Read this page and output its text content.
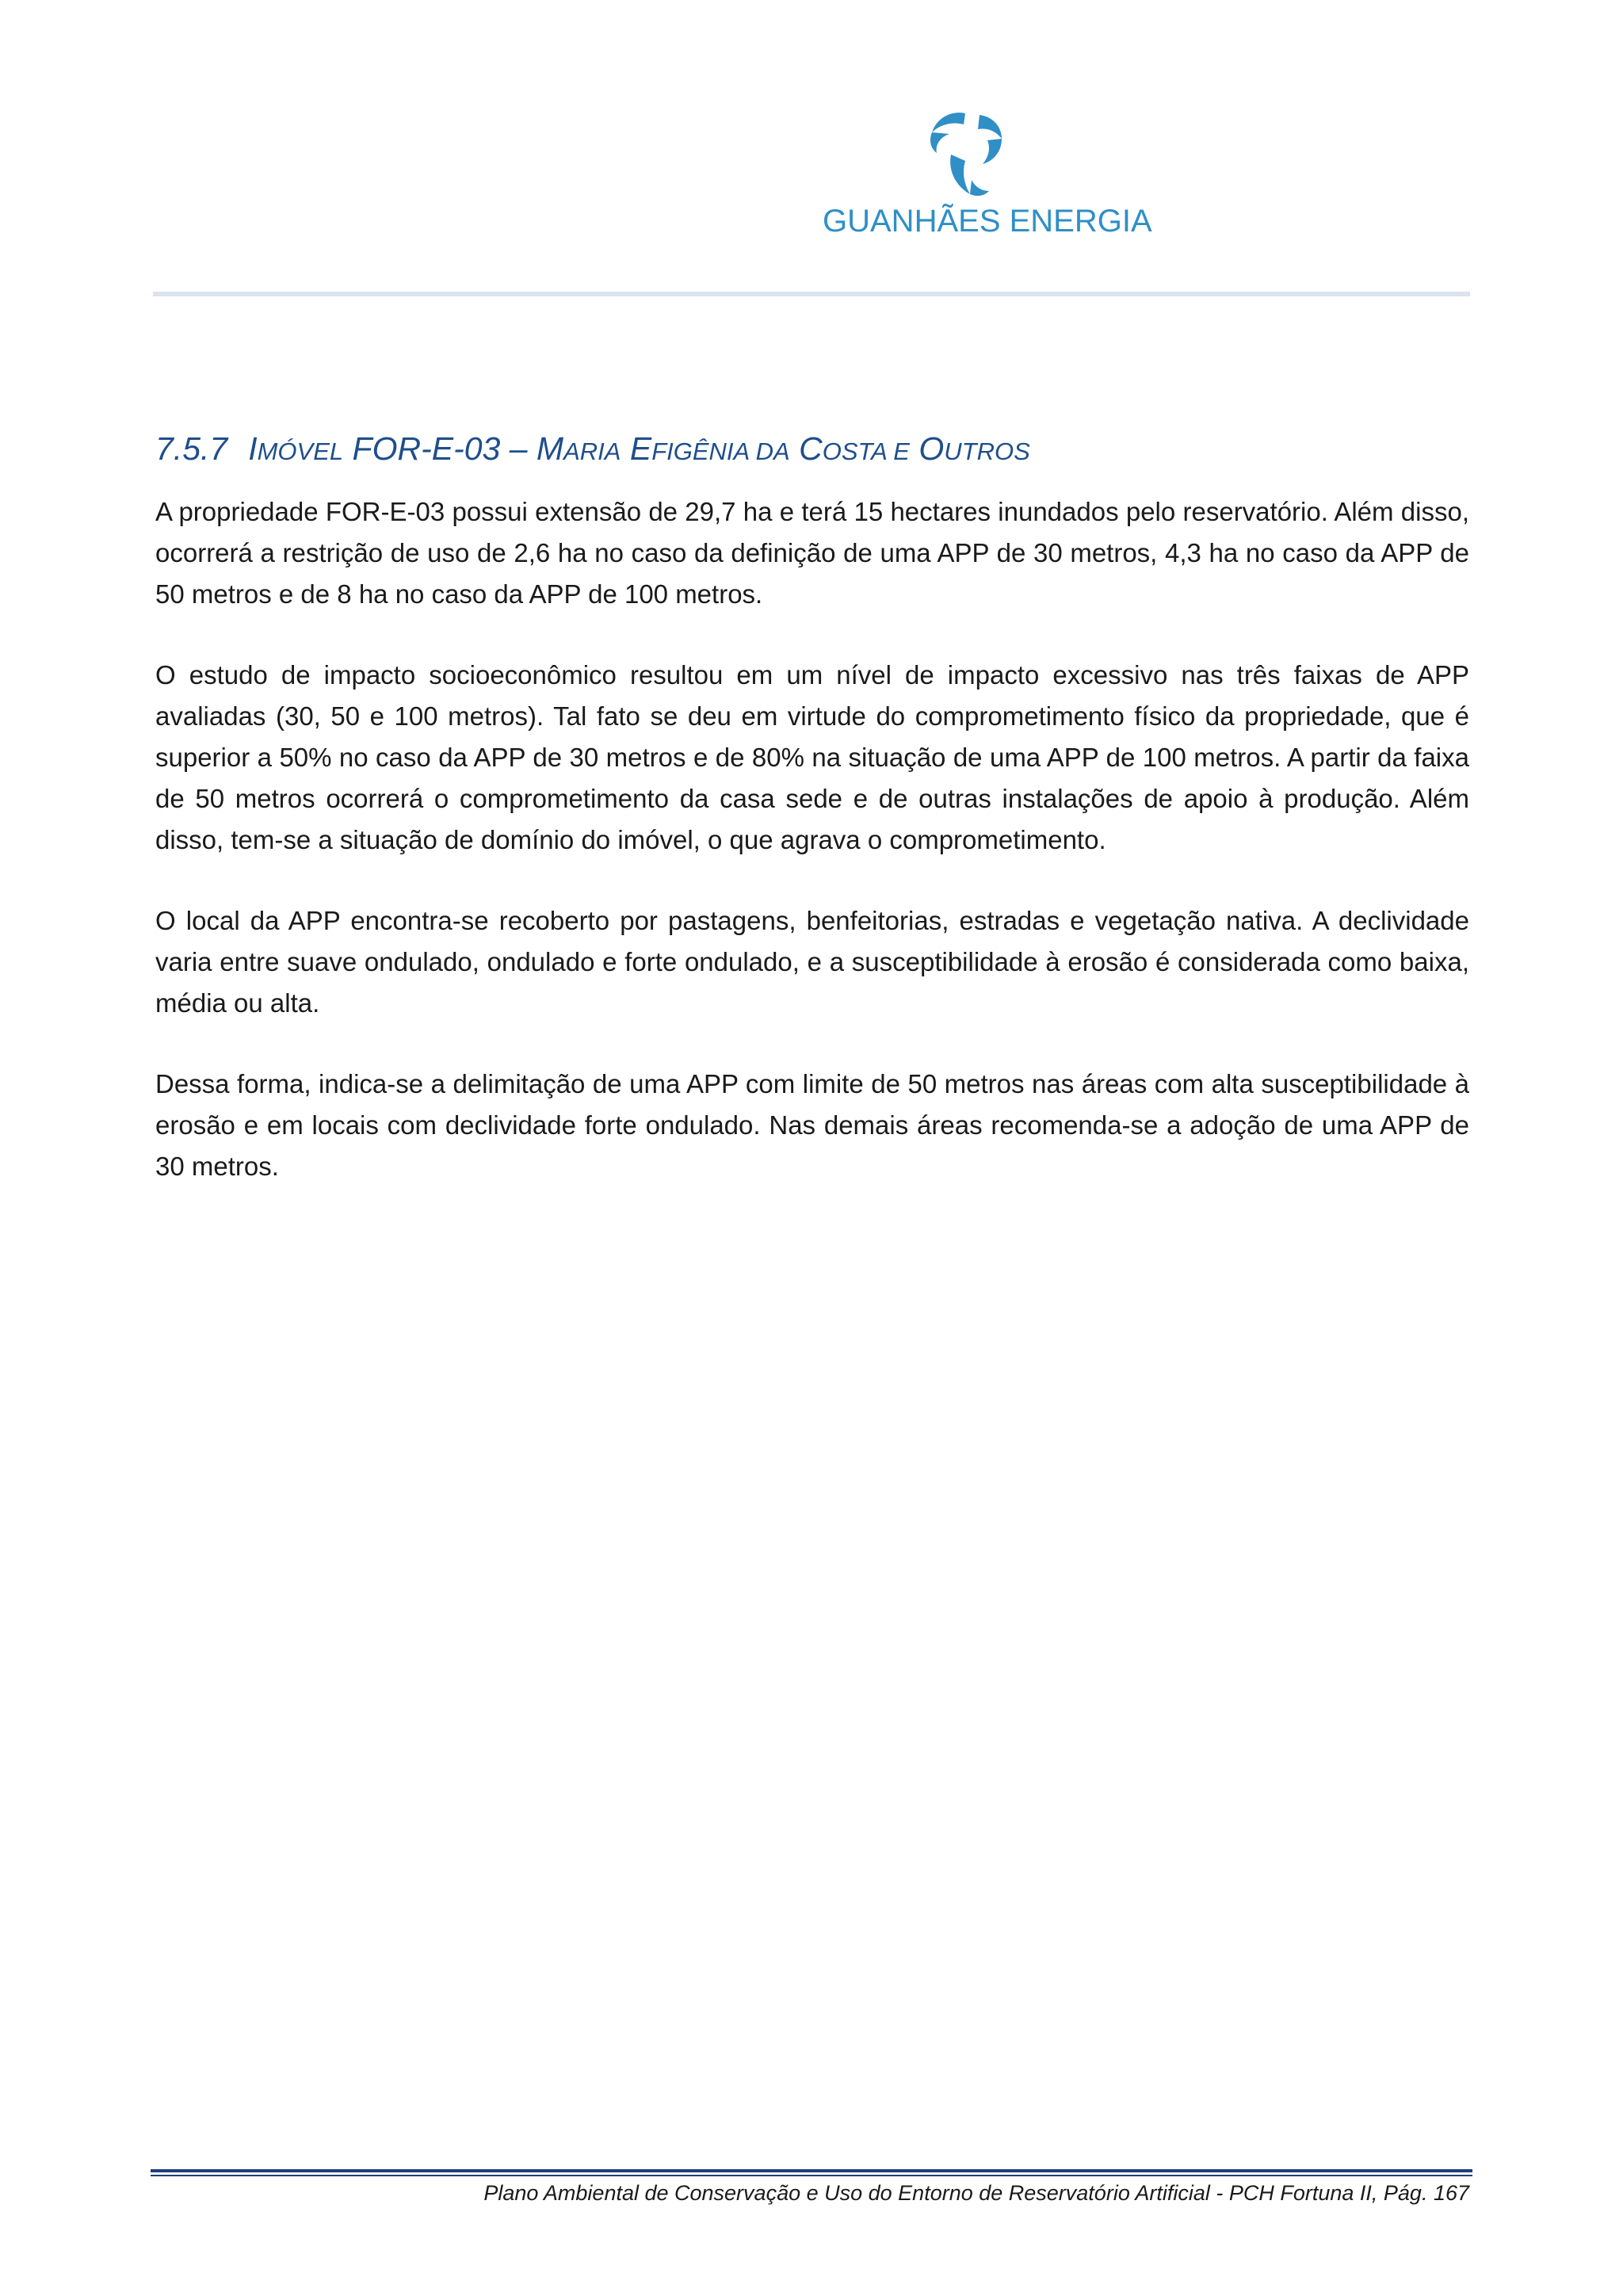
GUANHÃES ENERGIA
7.5.7 IMÓVEL FOR-E-03 – MARIA EFIGÊNIA DA COSTA E OUTROS

A propriedade FOR-E-03 possui extensão de 29,7 ha e terá 15 hectares inundados pelo reservatório. Além disso, ocorrerá a restrição de uso de 2,6 ha no caso da definição de uma APP de 30 metros, 4,3 ha no caso da APP de 50 metros e de 8 ha no caso da APP de 100 metros.

O estudo de impacto socioeconômico resultou em um nível de impacto excessivo nas três faixas de APP avaliadas (30, 50 e 100 metros). Tal fato se deu em virtude do comprometimento físico da propriedade, que é superior a 50% no caso da APP de 30 metros e de 80% na situação de uma APP de 100 metros. A partir da faixa de 50 metros ocorrerá o comprometimento da casa sede e de outras instalações de apoio à produção. Além disso, tem-se a situação de domínio do imóvel, o que agrava o comprometimento.

O local da APP encontra-se recoberto por pastagens, benfeitorias, estradas e vegetação nativa. A declividade varia entre suave ondulado, ondulado e forte ondulado, e a susceptibilidade à erosão é considerada como baixa, média ou alta.

Dessa forma, indica-se a delimitação de uma APP com limite de 50 metros nas áreas com alta susceptibilidade à erosão e em locais com declividade forte ondulado. Nas demais áreas recomenda-se a adoção de uma APP de 30 metros.

Plano Ambiental de Conservação e Uso do Entorno de Reservatório Artificial - PCH Fortuna II, Pág. 167
